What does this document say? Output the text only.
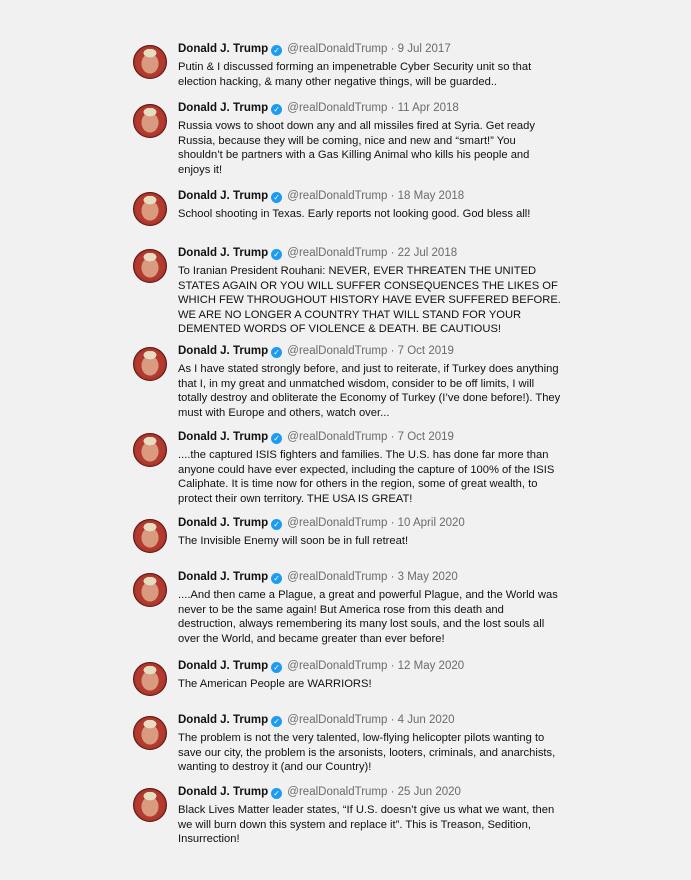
Donald J. Trump ✓ @realDonaldTrump · 9 Jul 2017
Putin & I discussed forming an impenetrable Cyber Security unit so that election hacking, & many other negative things, will be guarded..
Donald J. Trump ✓ @realDonaldTrump · 11 Apr 2018
Russia vows to shoot down any and all missiles fired at Syria. Get ready Russia, because they will be coming, nice and new and “smart!” You shouldn’t be partners with a Gas Killing Animal who kills his people and enjoys it!
Donald J. Trump ✓ @realDonaldTrump · 18 May 2018
School shooting in Texas. Early reports not looking good. God bless all!
Donald J. Trump ✓ @realDonaldTrump · 22 Jul 2018
To Iranian President Rouhani: NEVER, EVER THREATEN THE UNITED STATES AGAIN OR YOU WILL SUFFER CONSEQUENCES THE LIKES OF WHICH FEW THROUGHOUT HISTORY HAVE EVER SUFFERED BEFORE. WE ARE NO LONGER A COUNTRY THAT WILL STAND FOR YOUR DEMENTED WORDS OF VIOLENCE & DEATH. BE CAUTIOUS!
Donald J. Trump ✓ @realDonaldTrump · 7 Oct 2019
As I have stated strongly before, and just to reiterate, if Turkey does anything that I, in my great and unmatched wisdom, consider to be off limits, I will totally destroy and obliterate the Economy of Turkey (I’ve done before!). They must with Europe and others, watch over...
Donald J. Trump ✓ @realDonaldTrump · 7 Oct 2019
....the captured ISIS fighters and families. The U.S. has done far more than anyone could have ever expected, including the capture of 100% of the ISIS Caliphate. It is time now for others in the region, some of great wealth, to protect their own territory. THE USA IS GREAT!
Donald J. Trump ✓ @realDonaldTrump · 10 April 2020
The Invisible Enemy will soon be in full retreat!
Donald J. Trump ✓ @realDonaldTrump · 3 May 2020
....And then came a Plague, a great and powerful Plague, and the World was never to be the same again! But America rose from this death and destruction, always remembering its many lost souls, and the lost souls all over the World, and became greater than ever before!
Donald J. Trump ✓ @realDonaldTrump · 12 May 2020
The American People are WARRIORS!
Donald J. Trump ✓ @realDonaldTrump · 4 Jun 2020
The problem is not the very talented, low-flying helicopter pilots wanting to save our city, the problem is the arsonists, looters, criminals, and anarchists, wanting to destroy it (and our Country)!
Donald J. Trump ✓ @realDonaldTrump · 25 Jun 2020
Black Lives Matter leader states, “If U.S. doesn’t give us what we want, then we will burn down this system and replace it”. This is Treason, Sedition, Insurrection!
